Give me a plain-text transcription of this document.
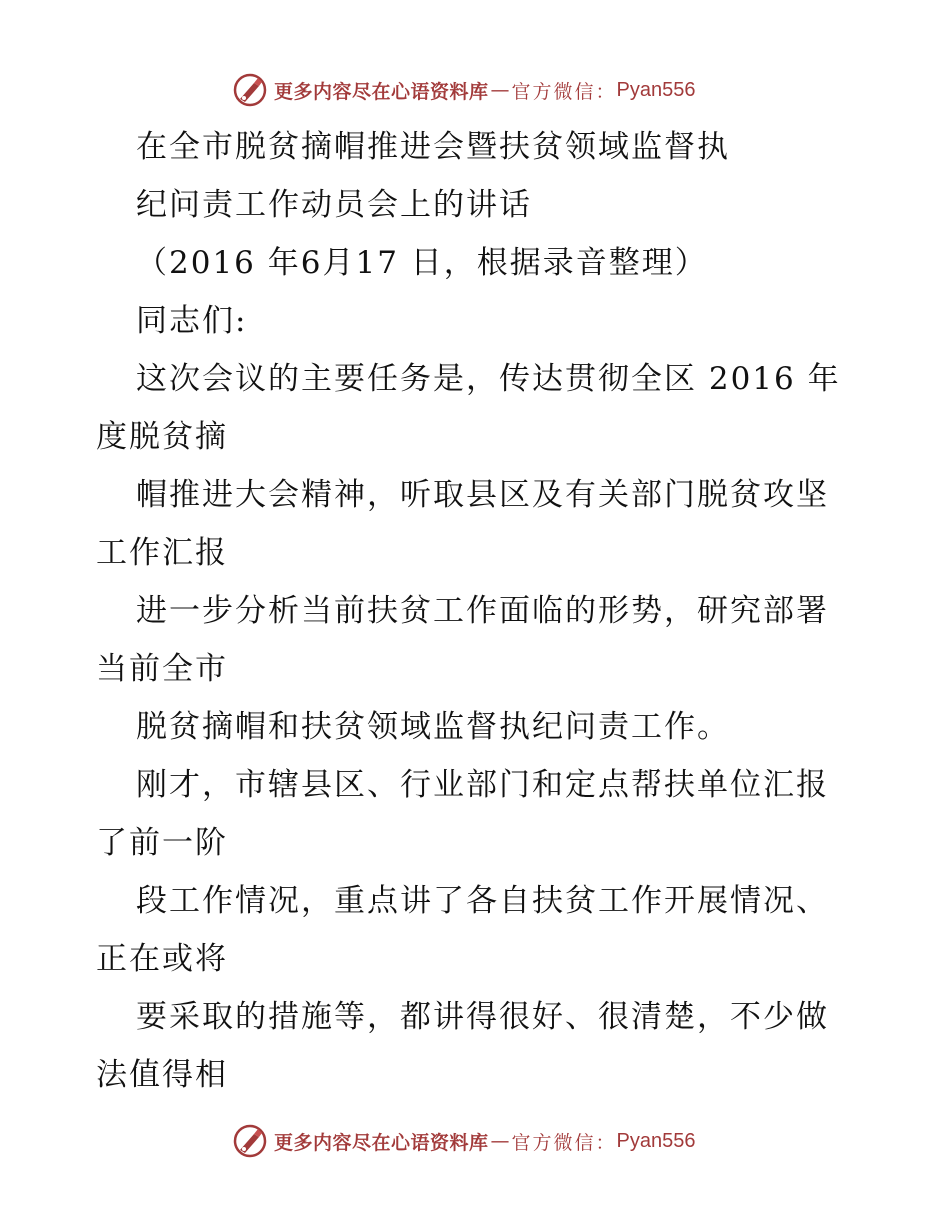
更多内容尽在心语资料库 — 官方微信： Pyan556
在全市脱贫摘帽推进会暨扶贫领域监督执
纪问责工作动员会上的讲话
（2016 年6月17 日，根据录音整理）
同志们:
这次会议的主要任务是，传达贯彻全区 2016 年
度脱贫摘
帽推进大会精神，听取县区及有关部门脱贫攻坚
工作汇报
进一步分析当前扶贫工作面临的形势，研究部署
当前全市
脱贫摘帽和扶贫领域监督执纪问责工作。
刚才，市辖县区、行业部门和定点帮扶单位汇报
了前一阶
段工作情况，重点讲了各自扶贫工作开展情况、
正在或将
要采取的措施等，都讲得很好、很清楚，不少做
法值得相
更多内容尽在心语资料库 — 官方微信： Pyan556
